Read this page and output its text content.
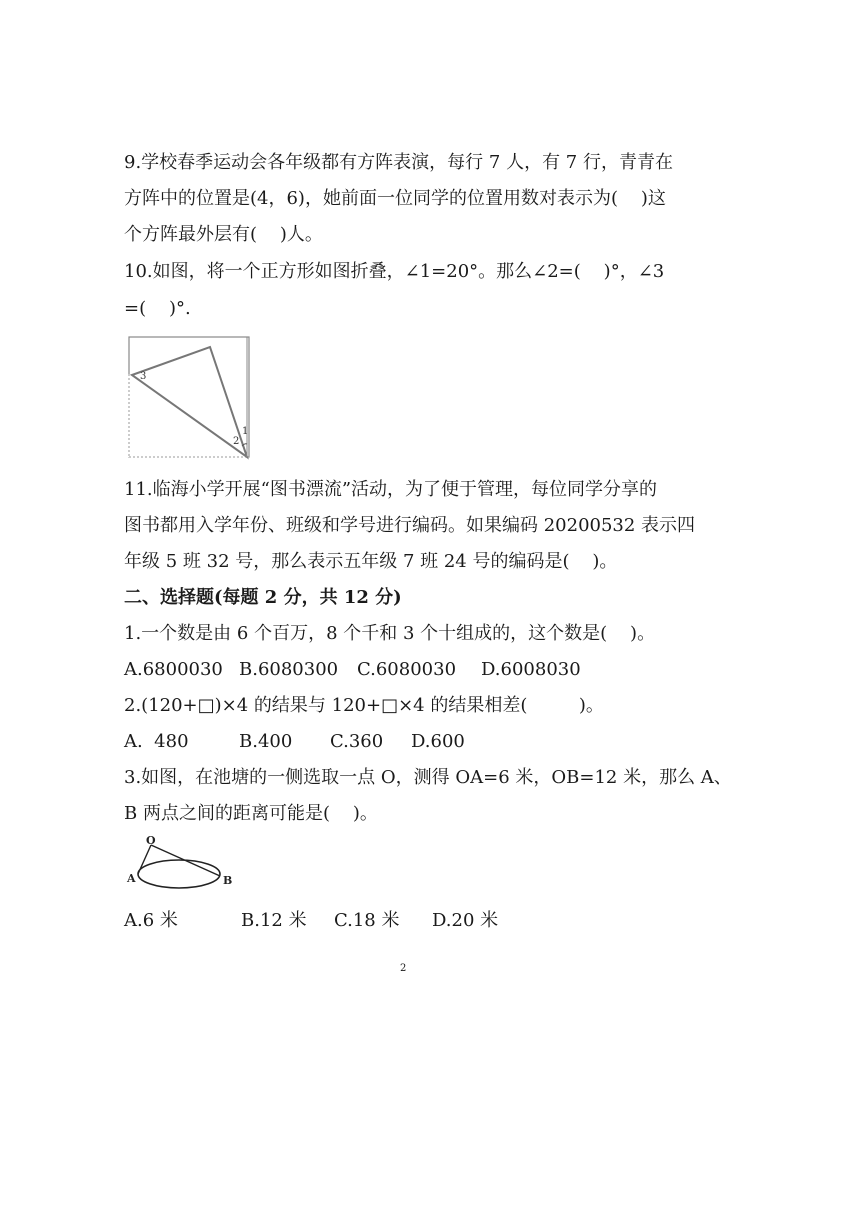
9.学校春季运动会各年级都有方阵表演，每行 7 人，有 7 行，青青在
方阵中的位置是(4，6)，她前面一位同学的位置用数对表示为(    )这
个方阵最外层有(    )人。
10.如图，将一个正方形如图折叠，∠1=20°。那么∠2=(    )°，∠3
=(    )°.
3
1
2
11.临海小学开展“图书漂流”活动，为了便于管理，每位同学分享的
图书都用入学年份、班级和学号进行编码。如果编码 20200532 表示四
年级 5 班 32 号，那么表示五年级 7 班 24 号的编码是(    )。
二、选择题(每题 2 分，共 12 分)
1.一个数是由 6 个百万，8 个千和 3 个十组成的，这个数是(    )。

A.6800030

B.6080300

C.6080030

D.6008030

2.(120+□)×4 的结果与 120+□×4 的结果相差(         )。

A.  480

	B.400

C.360

D.600

3.如图，在池塘的一侧选取一点 O，测得 OA=6 米，OB=12 米，那么 A、
B 两点之间的距离可能是(    )。
O
A	B

A.6 米

	B.12 米

C.18 米

D.20 米

2
